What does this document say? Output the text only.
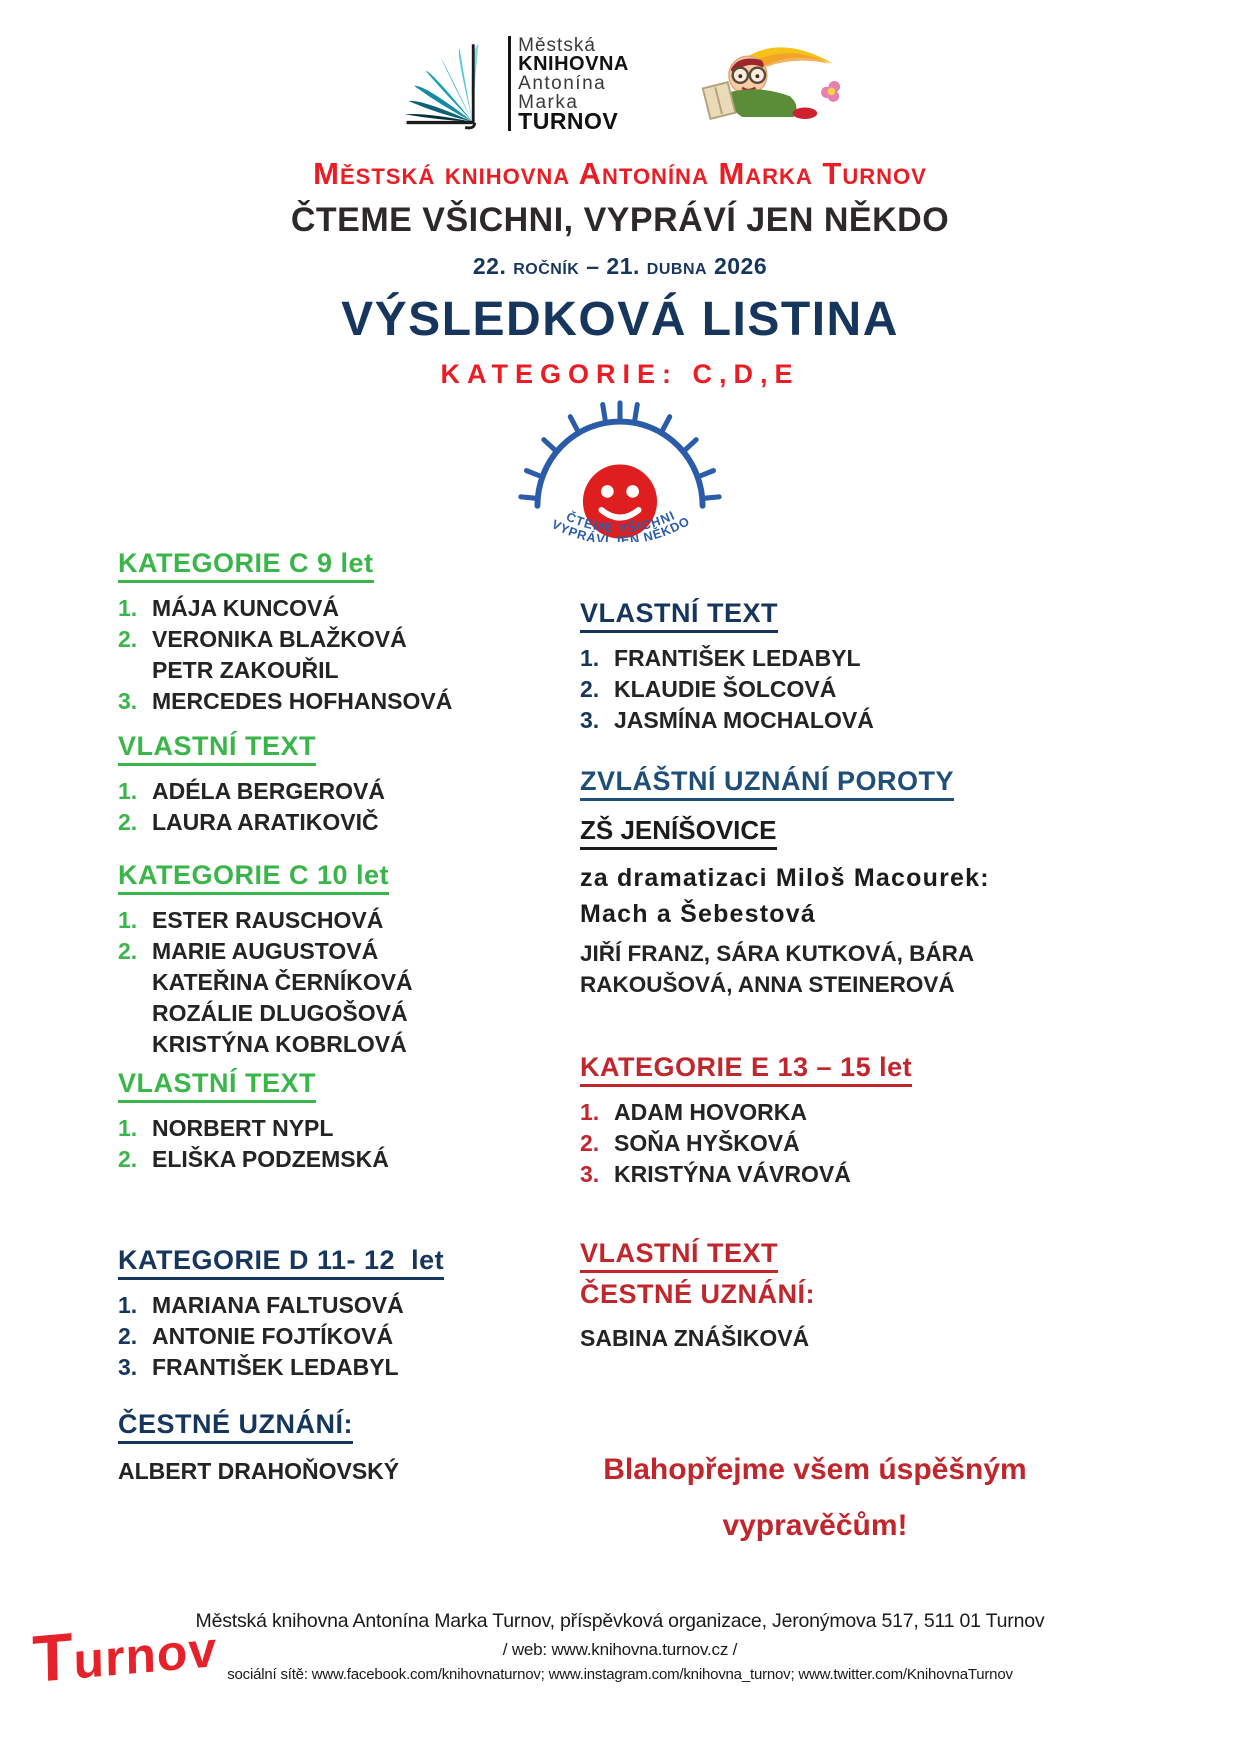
Městská
KNIHOVNA
Antonína
Marka
TURNOV
Městská knihovna Antonína Marka Turnov
ČTEME VŠICHNI, VYPRÁVÍ JEN NĚKDO
22. ročník – 21. dubna 2026
VÝSLEDKOVÁ LISTINA
KATEGORIE: C,D,E
ČTEME VŠICHNI
VYPRÁVÍ JEN NĚKDO
KATEGORIE C 9 let
1. MÁJA KUNCOVÁ
2. VERONIKA BLAŽKOVÁ
PETR ZAKOUŘIL
3. MERCEDES HOFHANSOVÁ
VLASTNÍ TEXT
1. ADÉLA BERGEROVÁ
2. LAURA ARATIKOVIČ
KATEGORIE C 10 let
1. ESTER RAUSCHOVÁ
2. MARIE AUGUSTOVÁ
KATEŘINA ČERNÍKOVÁ
ROZÁLIE DLUGOŠOVÁ
KRISTÝNA KOBRLOVÁ
VLASTNÍ TEXT
1. NORBERT NYPL
2. ELIŠKA PODZEMSKÁ
KATEGORIE D 11- 12  let
1. MARIANA FALTUSOVÁ
2. ANTONIE FOJTÍKOVÁ
3. FRANTIŠEK LEDABYL
ČESTNÉ UZNÁNÍ:
ALBERT DRAHOŇOVSKÝ
VLASTNÍ TEXT
1. FRANTIŠEK LEDABYL
2. KLAUDIE ŠOLCOVÁ
3. JASMÍNA MOCHALOVÁ
ZVLÁŠTNÍ UZNÁNÍ POROTY
ZŠ JENÍŠOVICE
za dramatizaci Miloš Macourek:
Mach a Šebestová
JIŘÍ FRANZ, SÁRA KUTKOVÁ, BÁRA RAKOUŠOVÁ, ANNA STEINEROVÁ
KATEGORIE E 13 – 15 let
1. ADAM HOVORKA
2. SOŇA HYŠKOVÁ
3. KRISTÝNA VÁVROVÁ
VLASTNÍ TEXT
ČESTNÉ UZNÁNÍ:
SABINA ZNÁŠIKOVÁ
Blahopřejme všem úspěšným
vypravěčům!
Turnov
Městská knihovna Antonína Marka Turnov, příspěvková organizace, Jeronýmova 517, 511 01 Turnov
/ web: www.knihovna.turnov.cz /
sociální sítě: www.facebook.com/knihovnaturnov; www.instagram.com/knihovna_turnov; www.twitter.com/KnihovnaTurnov
